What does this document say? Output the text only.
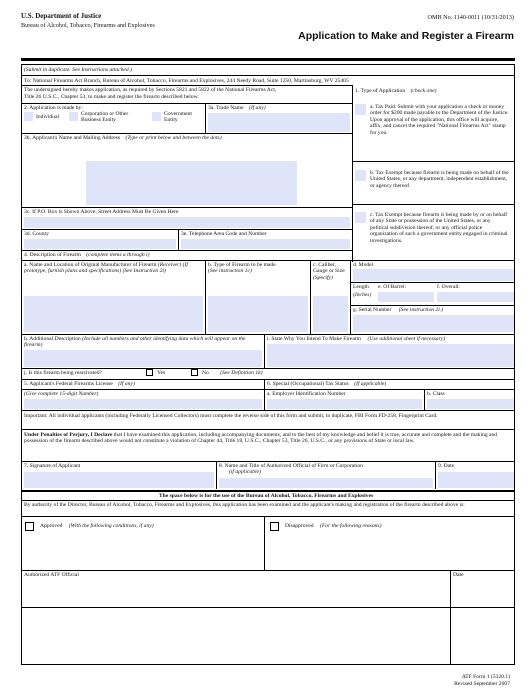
U.S. Department of Justice
Bureau of Alcohol, Tobacco, Firearms and Explosives
OMB No. 1140-0011 (10/31/2013)
Application to Make and Register a Firearm
(Submit in duplicate. See Instructions attached.)
To: National Firearms Act Branch, Bureau of Alcohol, Tobacco, Firearms and Explosives, 244 Needy Road, Suite 1250, Martinsburg, WV 25405
The undersigned hereby makes application, as required by Sections 5821 and 5822 of the National Firearms Act,
Title 26 U.S.C., Chapter 53, to make and register the firearm described below.
1. Type of Application (check one)
a. Tax Paid. Submit with your application a check or money order for $200 made payable to the Department of the Justice. Upon approval of the application, this office will acquire, affix, and cancel the required "National Firearms Act" stamp for you.
b. Tax Exempt because firearm is being made on behalf of the United States, or any department, independent establishment, or agency thereof.
c. Tax Exempt because firearm is being made by or on behalf of any State or possession of the United States, or any political subdivision thereof, or any official police organization of such a government entity engaged in criminal investigations.
2. Application is made by:
Individual	Corporation or Other Business Entity
Government Entity
3a. Trade Name (If any)
3b. Applicant's Name and Mailing Address (Type or print below and between the dots)
3c. If P.O. Box is Shown Above, Street Address Must Be Given Here
3d. County	3e. Telephone Area Code and Number
4. Description of Firearm (complete items a through i)
a. Name and Location of Original Manufacturer of Firearm (Receiver) (If prototype, furnish plans and specifications) (See Instruction 2i)
b. Type of Firearm to be made
(See instruction 1c)
c. Caliber, Gauge or Size
(Specify)
d. Model
Length
(Inches)
e. Of Barrel:	f. Overall:
g. Serial Number (See instruction 2i.)
h. Additional Description (Include all numbers and other identifying data which will appear on the firearm)
i. State Why You Intend To Make Firearm (Use additional sheet if necessary)
j. Is this firearm being reactivated?	Yes	No (See Definition 1k)
5. Applicant's Federal Firearms License (If any)	6. Special (Occupational) Tax Status (If applicable)
(Give complete 15-digit Number)	a. Employer Identification Number	b. Class
Important: All individual applicants (including Federally Licensed Collectors) must complete the reverse side of this form and submit, in duplicate, FBI Form FD-258, Fingerprint Card.
Under Penalties of Perjury, I Declare that I have examined this application, including accompanying documents, and to the best of my knowledge and belief it is true, accurate and complete and the making and possession of the firearm described above would not constitute a violation of Chapter 44, Title 18, U.S.C., Chapter 53, Title 26, U.S.C., or any provisions of State or local law.
7. Signature of Applicant	8. Name and Title of Authorized Official of Firm or Corporation
(if applicable)
9. Date
The space below is for the use of the Bureau of Alcohol, Tobacco, Firearms and Explosives
By authority of the Director, Bureau of Alcohol, Tobacco, Firearms and Explosives, this application has been examined and the applicant's making and registration of the firearm described above is:
Approved (With the following conditions, if any)	Disapproved (For the following reasons)
Authorized ATF Official	Date
ATF Form 1 (5320.1)
Revised September 2007
